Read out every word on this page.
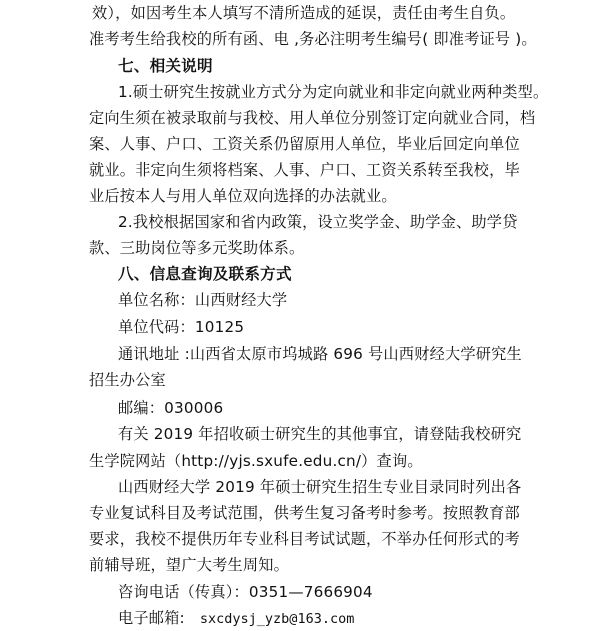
效），如因考生本人填写不清所造成的延误，责任由考生自负。
准考考生给我校的所有函、电 ,务必注明考生编号( 即准考证号 )。
七、相关说明
1.硕士研究生按就业方式分为定向就业和非定向就业两种类型。
定向生须在被录取前与我校、用人单位分别签订定向就业合同，档
案、人事、户口、工资关系仍留原用人单位，毕业后回定向单位
就业。非定向生须将档案、人事、户口、工资关系转至我校，毕
业后按本人与用人单位双向选择的办法就业。
2.我校根据国家和省内政策，设立奖学金、助学金、助学贷
款、三助岗位等多元奖助体系。
八、信息查询及联系方式
单位名称：山西财经大学
单位代码：10125
通讯地址 :山西省太原市坞城路 696 号山西财经大学研究生
招生办公室
邮编：030006
有关 2019 年招收硕士研究生的其他事宜，请登陆我校研究
生学院网站（http://yjs.sxufe.edu.cn/）查询。
山西财经大学 2019 年硕士研究生招生专业目录同时列出各
专业复试科目及考试范围，供考生复习备考时参考。按照教育部
要求，我校不提供历年专业科目考试试题，不举办任何形式的考
前辅导班，望广大考生周知。
咨询电话（传真）：0351—7666904
电子邮箱: sxcdysj_yzb@163.com
